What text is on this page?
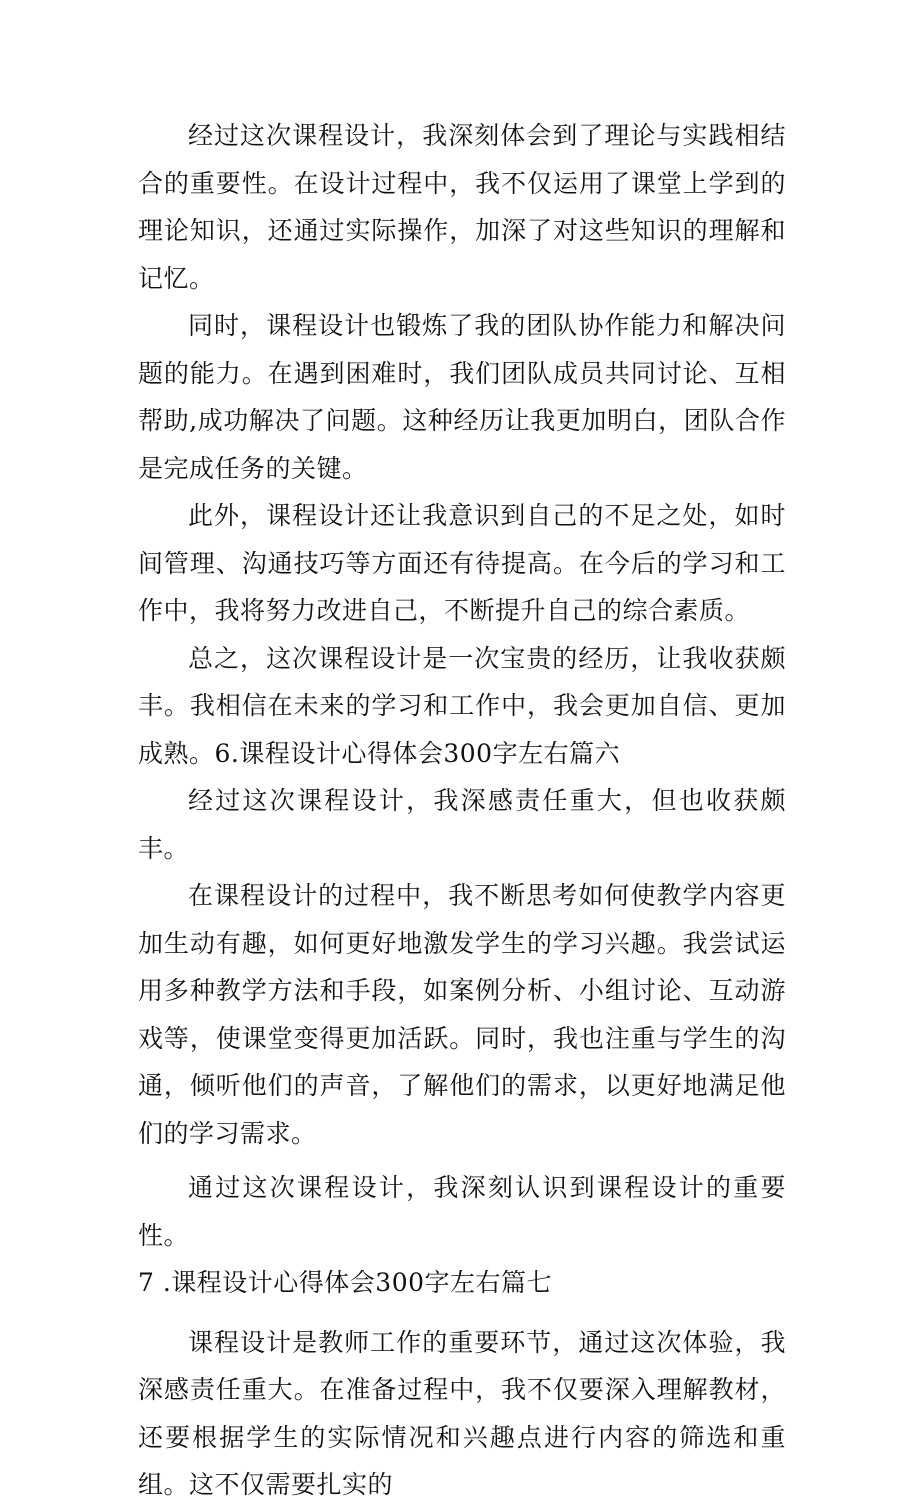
经过这次课程设计，我深刻体会到了理论与实践相结合的重要性。在设计过程中，我不仅运用了课堂上学到的理论知识，还通过实际操作，加深了对这些知识的理解和记忆。

同时，课程设计也锻炼了我的团队协作能力和解决问题的能力。在遇到困难时，我们团队成员共同讨论、互相帮助,成功解决了问题。这种经历让我更加明白，团队合作是完成任务的关键。

此外，课程设计还让我意识到自己的不足之处，如时间管理、沟通技巧等方面还有待提高。在今后的学习和工作中，我将努力改进自己，不断提升自己的综合素质。

总之，这次课程设计是一次宝贵的经历，让我收获颇丰。我相信在未来的学习和工作中，我会更加自信、更加成熟。6.课程设计心得体会300字左右篇六

经过这次课程设计，我深感责任重大，但也收获颇丰。

在课程设计的过程中，我不断思考如何使教学内容更加生动有趣，如何更好地激发学生的学习兴趣。我尝试运用多种教学方法和手段，如案例分析、小组讨论、互动游戏等，使课堂变得更加活跃。同时，我也注重与学生的沟通，倾听他们的声音，了解他们的需求，以更好地满足他们的学习需求。

通过这次课程设计，我深刻认识到课程设计的重要性。

7 .课程设计心得体会300字左右篇七

课程设计是教师工作的重要环节，通过这次体验，我深感责任重大。在准备过程中，我不仅要深入理解教材，还要根据学生的实际情况和兴趣点进行内容的筛选和重组。这不仅需要扎实的
